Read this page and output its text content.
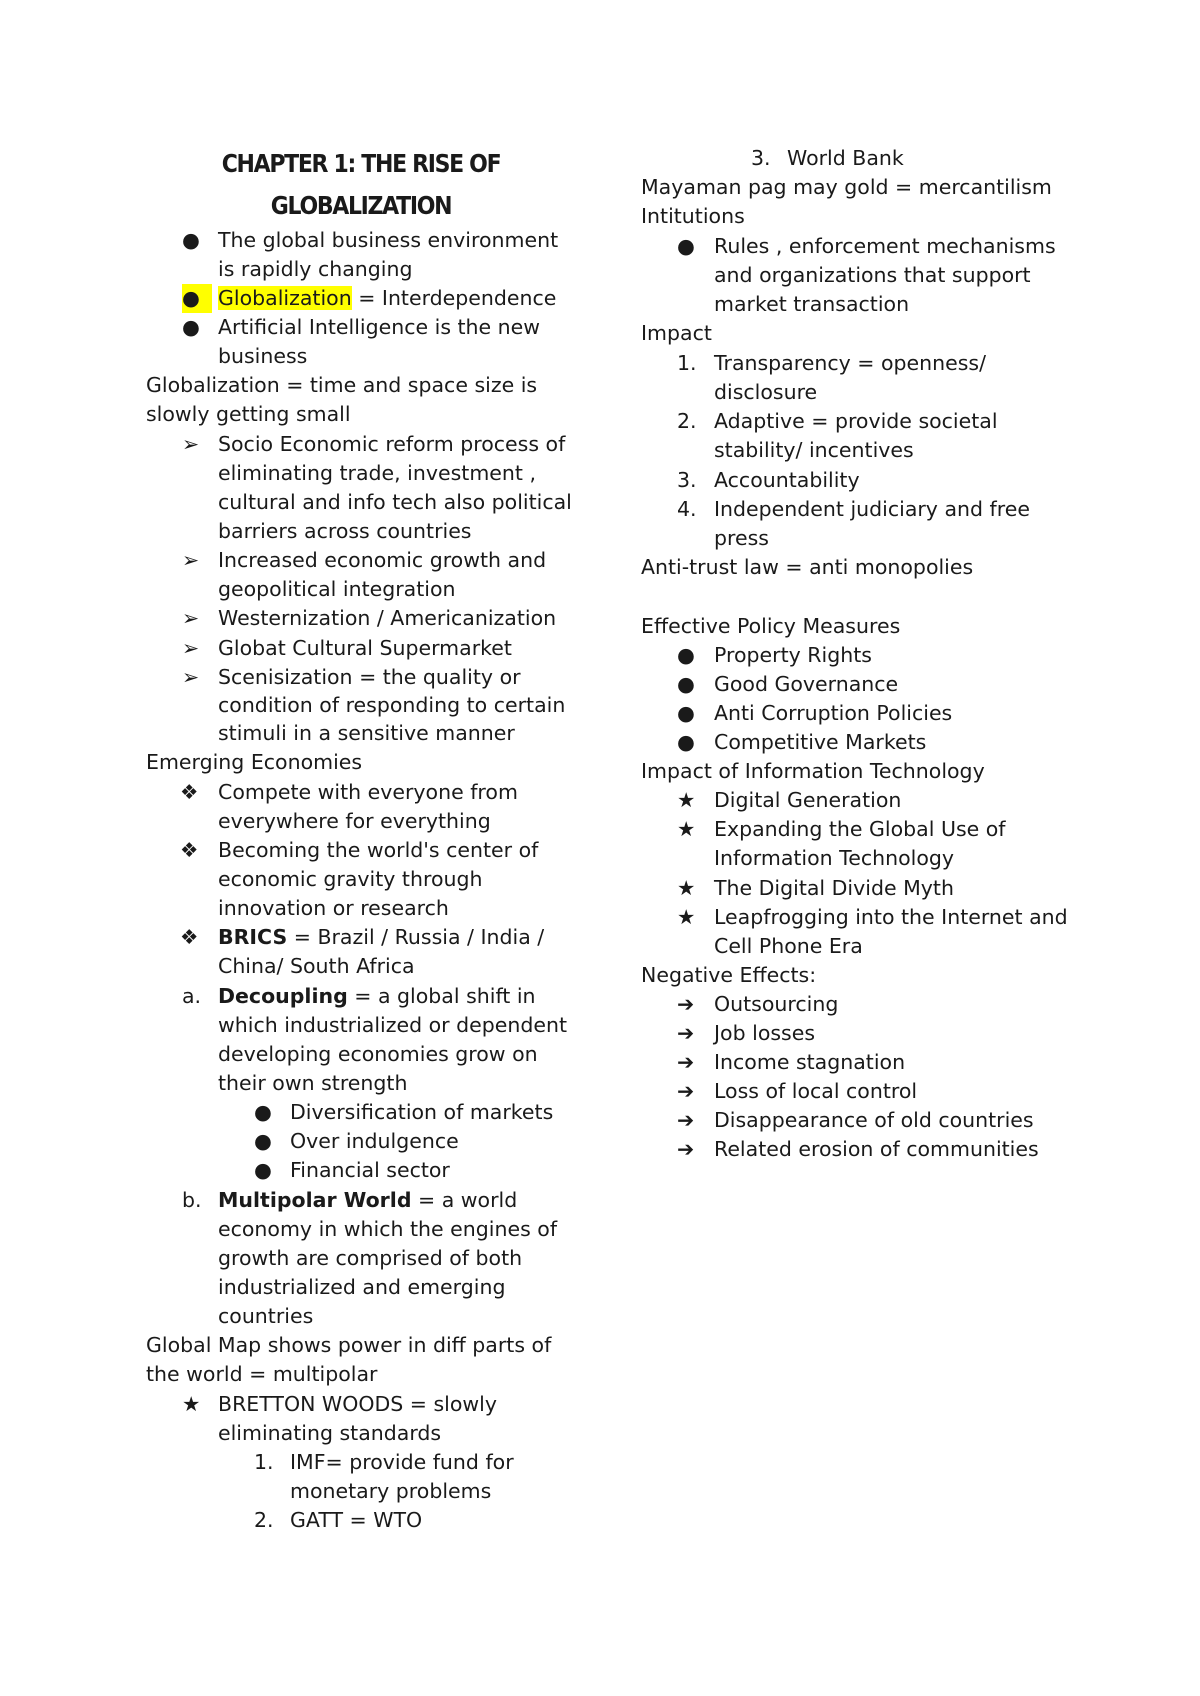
CHAPTER 1: THE RISE OF
GLOBALIZATION
● The global business environment
is rapidly changing
● Globalization = Interdependence
● Artificial Intelligence is the new
business
Globalization = time and space size is
slowly getting small
➢ Socio Economic reform process of
eliminating trade, investment ,
cultural and info tech also political
barriers across countries
➢ Increased economic growth and
geopolitical integration
➢ Westernization / Americanization
➢ Globat Cultural Supermarket
➢ Scenisization = the quality or
condition of responding to certain
stimuli in a sensitive manner
Emerging Economies
❖ Compete with everyone from
everywhere for everything
❖ Becoming the world's center of
economic gravity through
innovation or research
❖ BRICS = Brazil / Russia / India /
China/ South Africa
a. Decoupling = a global shift in
which industrialized or dependent
developing economies grow on
their own strength
● Diversification of markets
● Over indulgence
● Financial sector
b. Multipolar World = a world
economy in which the engines of
growth are comprised of both
industrialized and emerging
countries
Global Map shows power in diff parts of
the world = multipolar
★ BRETTON WOODS = slowly
eliminating standards
1. IMF= provide fund for
monetary problems
2. GATT = WTO
3. World Bank
Mayaman pag may gold = mercantilism
Intitutions
● Rules , enforcement mechanisms
and organizations that support
market transaction
Impact
1. Transparency = openness/
disclosure
2. Adaptive = provide societal
stability/ incentives
3. Accountability
4. Independent judiciary and free
press
Anti-trust law = anti monopolies
Effective Policy Measures
● Property Rights
● Good Governance
● Anti Corruption Policies
● Competitive Markets
Impact of Information Technology
★ Digital Generation
★ Expanding the Global Use of
Information Technology
★ The Digital Divide Myth
★ Leapfrogging into the Internet and
Cell Phone Era
Negative Effects:
➔ Outsourcing
➔ Job losses
➔ Income stagnation
➔ Loss of local control
➔ Disappearance of old countries
➔ Related erosion of communities
